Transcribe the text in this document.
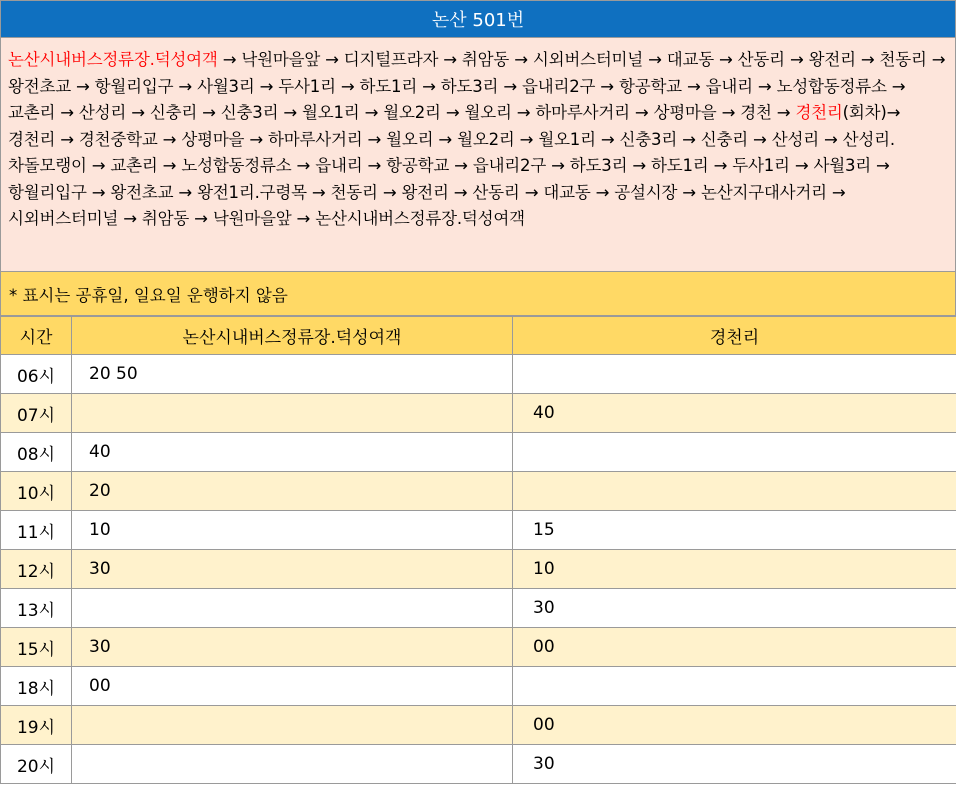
논산 501번
논산시내버스정류장.덕성여객 → 낙원마을앞 → 디지털프라자 → 취암동 → 시외버스터미널 → 대교동 → 산동리 → 왕전리 → 천동리 → 왕전초교 → 항월리입구 → 사월3리 → 두사1리 → 하도1리 → 하도3리 → 읍내리2구 → 항공학교 → 읍내리 → 노성합동정류소 → 교촌리 → 산성리 → 신충리 → 신충3리 → 월오1리 → 월오2리 → 월오리 → 하마루사거리 → 상평마을 → 경천 → 경천리(회차)→ 경천리 → 경천중학교 → 상평마을 → 하마루사거리 → 월오리 → 월오2리 → 월오1리 → 신충3리 → 신충리 → 산성리 → 산성리.차돌모랭이 → 교촌리 → 노성합동정류소 → 읍내리 → 항공학교 → 읍내리2구 → 하도3리 → 하도1리 → 두사1리 → 사월3리 → 항월리입구 → 왕전초교 → 왕전1리.구령목 → 천동리 → 왕전리 → 산동리 → 대교동 → 공설시장 → 논산지구대사거리 → 시외버스터미널 → 취암동 → 낙원마을앞 → 논산시내버스정류장.덕성여객
* 표시는 공휴일, 일요일 운행하지 않음
시간	논산시내버스정류장.덕성여객	경천리
06시	20 50	
07시		40
08시	40	
10시	20	
11시	10	15
12시	30	10
13시		30
15시	30	00
18시	00	
19시		00
20시		30
